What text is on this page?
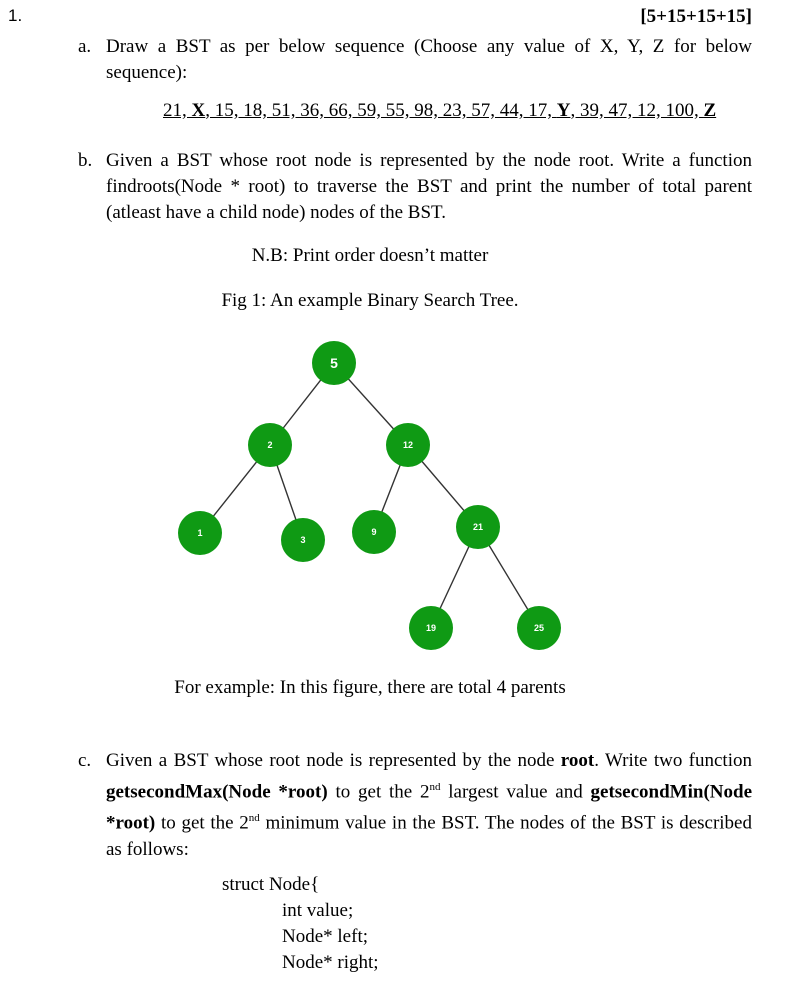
1.	[5+15+15+15]
a. Draw a BST as per below sequence (Choose any value of X, Y, Z for below sequence):
21, X, 15, 18, 51, 36, 66, 59, 55, 98, 23, 57, 44, 17, Y, 39, 47, 12, 100, Z
b. Given a BST whose root node is represented by the node root. Write a function findroots(Node * root) to traverse the BST and print the number of total parent (atleast have a child node) nodes of the BST.
N.B: Print order doesn’t matter
Fig 1: An example Binary Search Tree.
5
2	12
1
3
9	21
19	25
For example: In this figure, there are total 4 parents
c. Given a BST whose root node is represented by the node root. Write two function getsecondMax(Node *root) to get the 2nd largest value and getsecondMin(Node *root) to get the 2nd minimum value in the BST. The nodes of the BST is described as follows:
struct Node{
int value;
Node* left;
Node* right;
